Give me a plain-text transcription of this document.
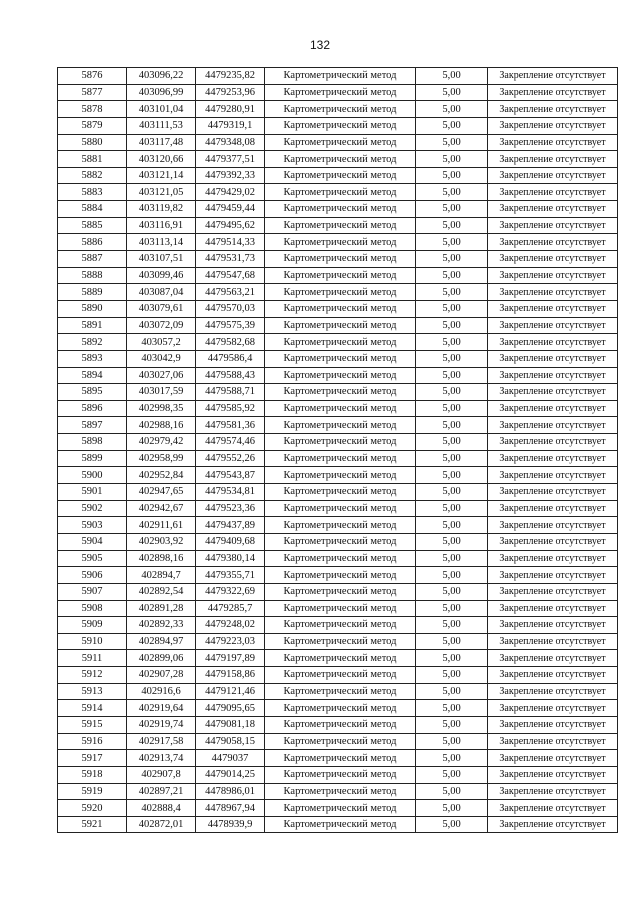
132
5876	403096,22	4479235,82	Картометрический метод	5,00	Закрепление отсутствует
5877	403096,99	4479253,96	Картометрический метод	5,00	Закрепление отсутствует
5878	403101,04	4479280,91	Картометрический метод	5,00	Закрепление отсутствует
5879	403111,53	4479319,1	Картометрический метод	5,00	Закрепление отсутствует
5880	403117,48	4479348,08	Картометрический метод	5,00	Закрепление отсутствует
5881	403120,66	4479377,51	Картометрический метод	5,00	Закрепление отсутствует
5882	403121,14	4479392,33	Картометрический метод	5,00	Закрепление отсутствует
5883	403121,05	4479429,02	Картометрический метод	5,00	Закрепление отсутствует
5884	403119,82	4479459,44	Картометрический метод	5,00	Закрепление отсутствует
5885	403116,91	4479495,62	Картометрический метод	5,00	Закрепление отсутствует
5886	403113,14	4479514,33	Картометрический метод	5,00	Закрепление отсутствует
5887	403107,51	4479531,73	Картометрический метод	5,00	Закрепление отсутствует
5888	403099,46	4479547,68	Картометрический метод	5,00	Закрепление отсутствует
5889	403087,04	4479563,21	Картометрический метод	5,00	Закрепление отсутствует
5890	403079,61	4479570,03	Картометрический метод	5,00	Закрепление отсутствует
5891	403072,09	4479575,39	Картометрический метод	5,00	Закрепление отсутствует
5892	403057,2	4479582,68	Картометрический метод	5,00	Закрепление отсутствует
5893	403042,9	4479586,4	Картометрический метод	5,00	Закрепление отсутствует
5894	403027,06	4479588,43	Картометрический метод	5,00	Закрепление отсутствует
5895	403017,59	4479588,71	Картометрический метод	5,00	Закрепление отсутствует
5896	402998,35	4479585,92	Картометрический метод	5,00	Закрепление отсутствует
5897	402988,16	4479581,36	Картометрический метод	5,00	Закрепление отсутствует
5898	402979,42	4479574,46	Картометрический метод	5,00	Закрепление отсутствует
5899	402958,99	4479552,26	Картометрический метод	5,00	Закрепление отсутствует
5900	402952,84	4479543,87	Картометрический метод	5,00	Закрепление отсутствует
5901	402947,65	4479534,81	Картометрический метод	5,00	Закрепление отсутствует
5902	402942,67	4479523,36	Картометрический метод	5,00	Закрепление отсутствует
5903	402911,61	4479437,89	Картометрический метод	5,00	Закрепление отсутствует
5904	402903,92	4479409,68	Картометрический метод	5,00	Закрепление отсутствует
5905	402898,16	4479380,14	Картометрический метод	5,00	Закрепление отсутствует
5906	402894,7	4479355,71	Картометрический метод	5,00	Закрепление отсутствует
5907	402892,54	4479322,69	Картометрический метод	5,00	Закрепление отсутствует
5908	402891,28	4479285,7	Картометрический метод	5,00	Закрепление отсутствует
5909	402892,33	4479248,02	Картометрический метод	5,00	Закрепление отсутствует
5910	402894,97	4479223,03	Картометрический метод	5,00	Закрепление отсутствует
5911	402899,06	4479197,89	Картометрический метод	5,00	Закрепление отсутствует
5912	402907,28	4479158,86	Картометрический метод	5,00	Закрепление отсутствует
5913	402916,6	4479121,46	Картометрический метод	5,00	Закрепление отсутствует
5914	402919,64	4479095,65	Картометрический метод	5,00	Закрепление отсутствует
5915	402919,74	4479081,18	Картометрический метод	5,00	Закрепление отсутствует
5916	402917,58	4479058,15	Картометрический метод	5,00	Закрепление отсутствует
5917	402913,74	4479037	Картометрический метод	5,00	Закрепление отсутствует
5918	402907,8	4479014,25	Картометрический метод	5,00	Закрепление отсутствует
5919	402897,21	4478986,01	Картометрический метод	5,00	Закрепление отсутствует
5920	402888,4	4478967,94	Картометрический метод	5,00	Закрепление отсутствует
5921	402872,01	4478939,9	Картометрический метод	5,00	Закрепление отсутствует
